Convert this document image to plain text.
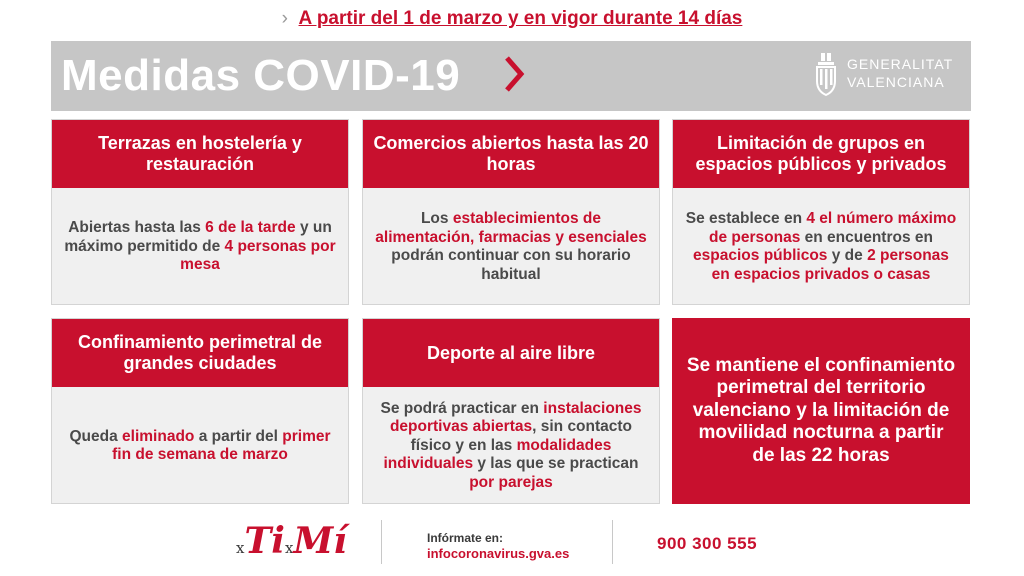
› A partir del 1 de marzo y en vigor durante 14 días
Medidas COVID-19	GENERALITAT
VALENCIANA
Terrazas en hostelería y restauración
Abiertas hasta las 6 de la tarde y un máximo permitido de 4 personas por mesa
Comercios abiertos hasta las 20 horas
Los establecimientos de alimentación, farmacias y esenciales podrán continuar con su horario habitual
Limitación de grupos en espacios públicos y privados
Se establece en 4 el número máximo de personas en encuentros en espacios públicos y de 2 personas en espacios privados o casas
Confinamiento perimetral de grandes ciudades
Queda eliminado a partir del primer fin de semana de marzo
Deporte al aire libre
Se podrá practicar en instalaciones deportivas abiertas, sin contacto físico y en las modalidades individuales y las que se practican por parejas
Se mantiene el confinamiento perimetral del territorio valenciano y la limitación de movilidad nocturna a partir de las 22 horas
xTixMí	Infórmate en:
infocoronavirus.gva.es
900 300 555
